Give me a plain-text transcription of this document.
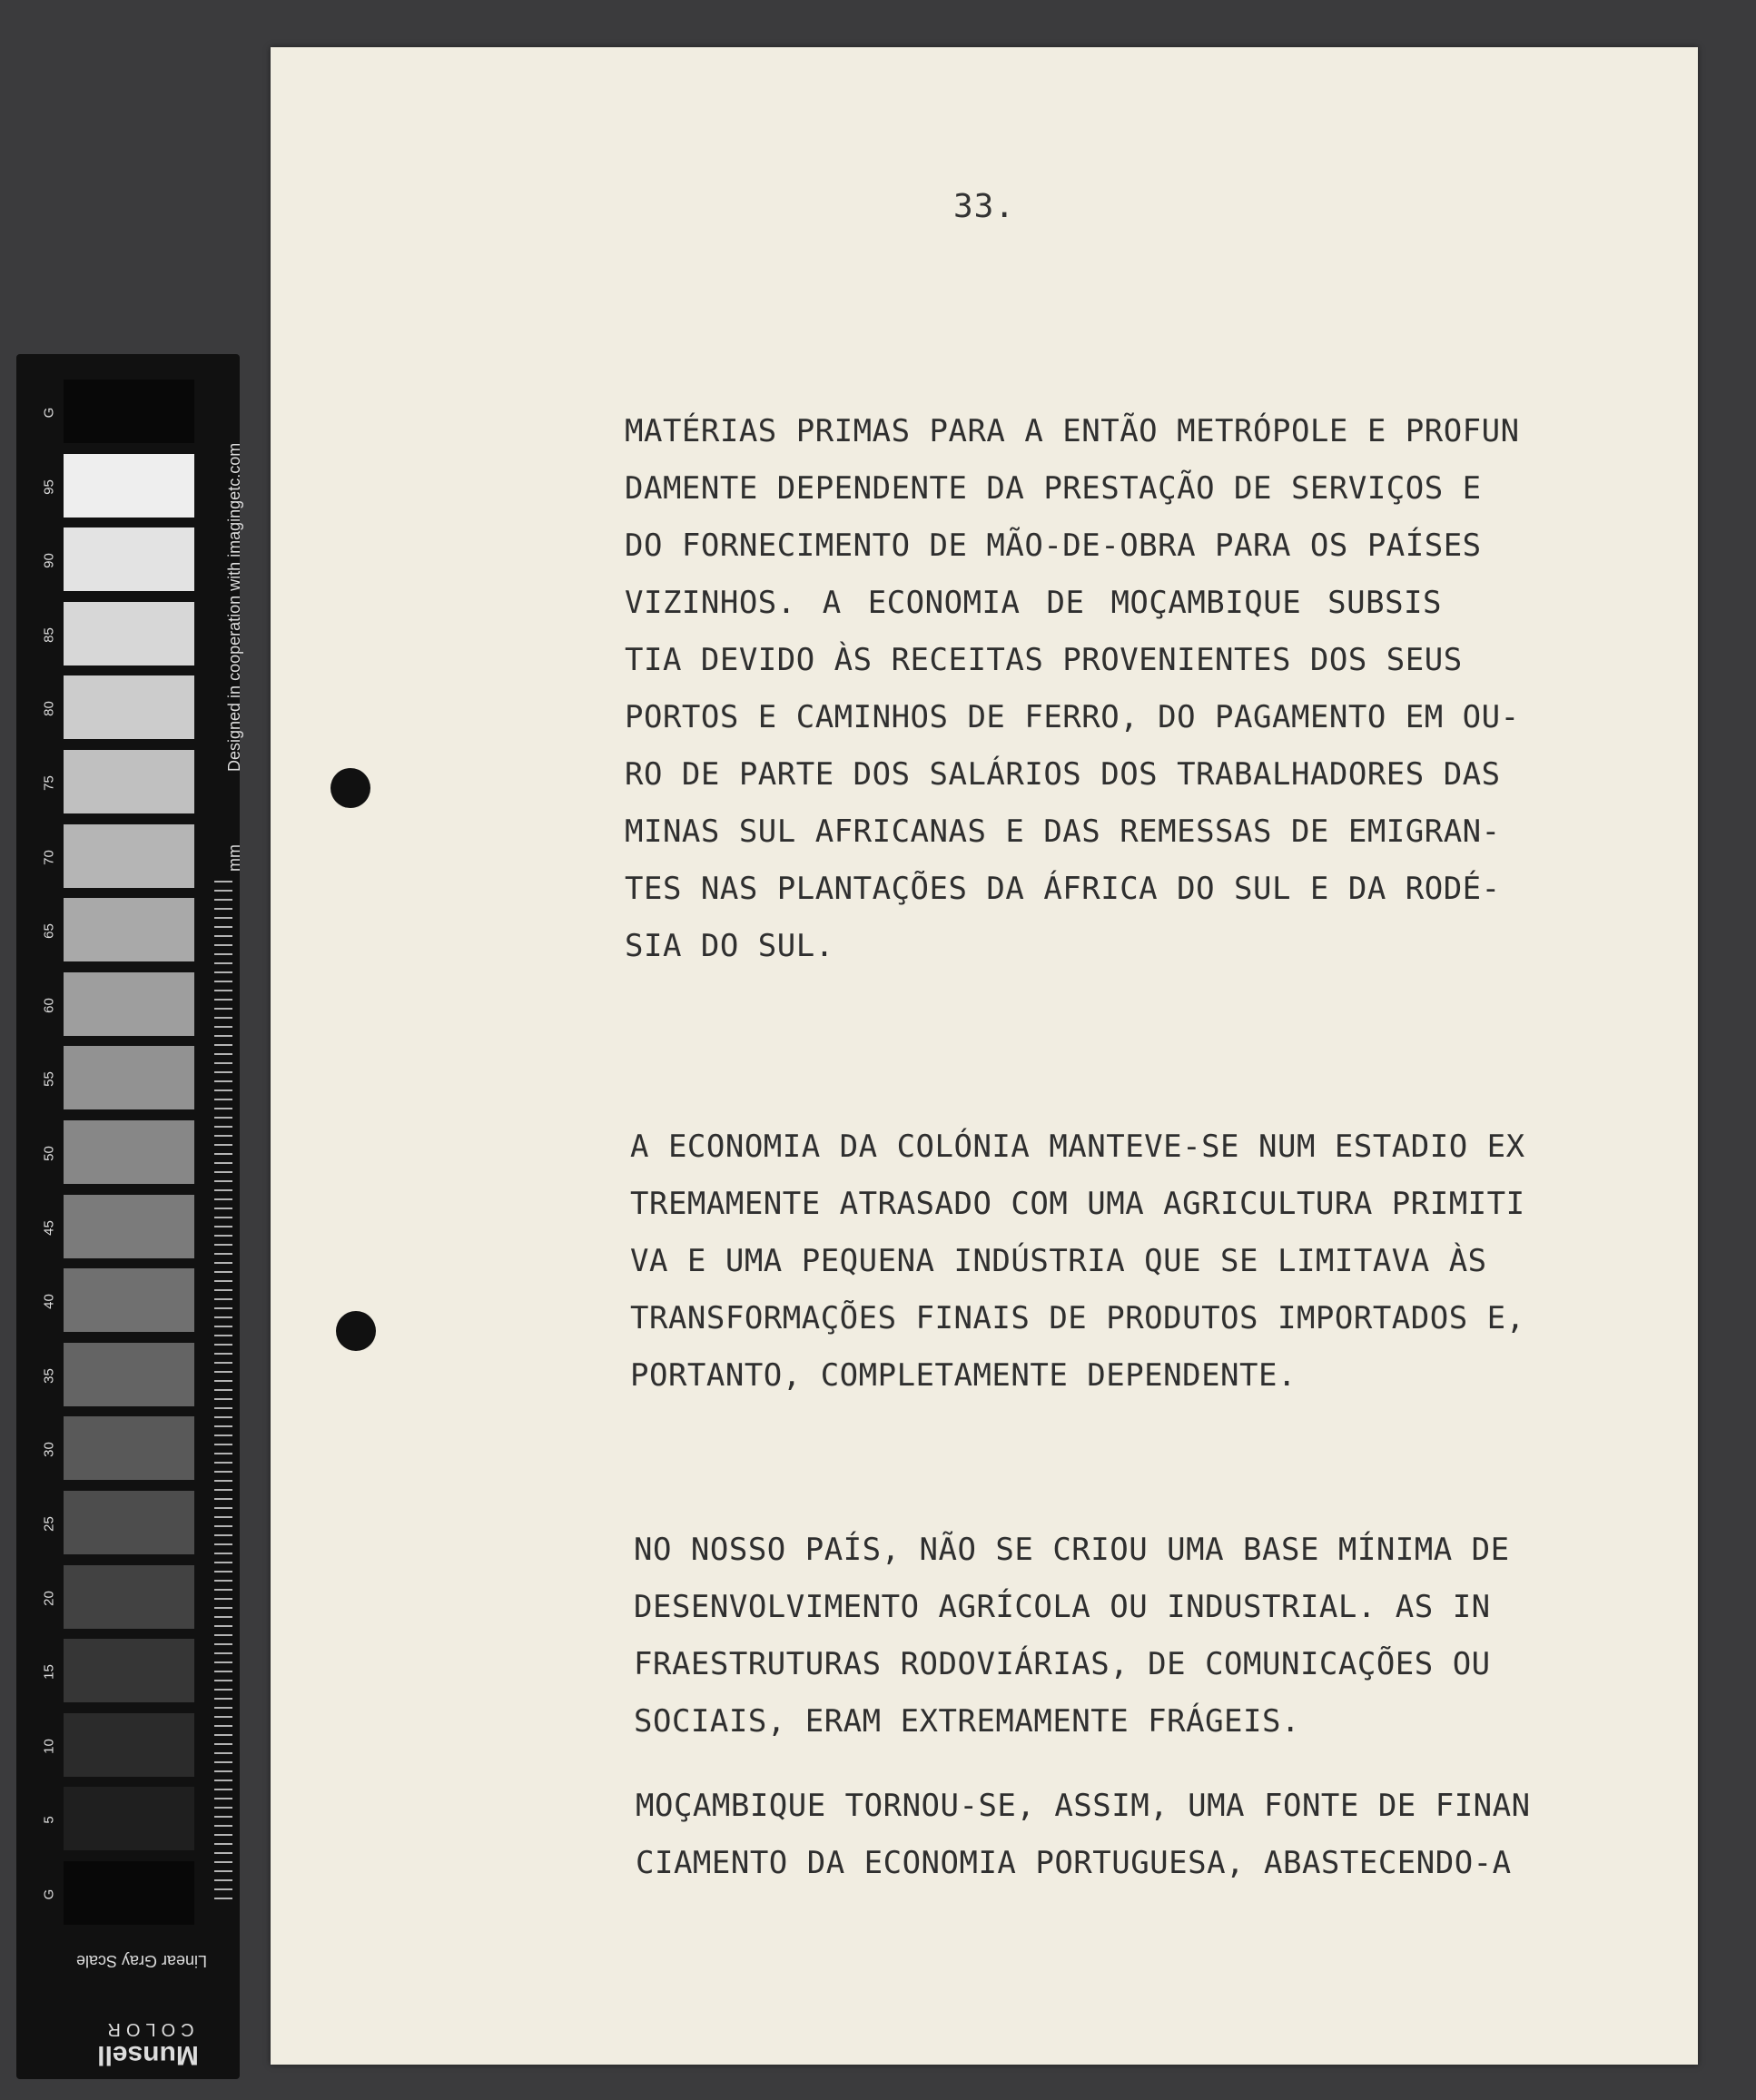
Designed in cooperation with imagingetc.com
mm
Linear Gray Scale
Munsell
COLOR
G
95
90
85
80
75
70
65
60
55
50
45
40
35
30
25
20
15
10
5
G
33.
MATÉRIAS PRIMAS PARA A ENTÃO METRÓPOLE E PROFUN
DAMENTE DEPENDENTE DA PRESTAÇÃO DE SERVIÇOS E
DO FORNECIMENTO DE MÃO-DE-OBRA PARA OS PAÍSES
VIZINHOS. A ECONOMIA DE MOÇAMBIQUE SUBSIS
TIA DEVIDO ÀS RECEITAS PROVENIENTES DOS SEUS
PORTOS E CAMINHOS DE FERRO, DO PAGAMENTO EM OU-
RO DE PARTE DOS SALÁRIOS DOS TRABALHADORES DAS
MINAS SUL AFRICANAS E DAS REMESSAS DE EMIGRAN-
TES NAS PLANTAÇÕES DA ÁFRICA DO SUL E DA RODÉ-
SIA DO SUL.
A ECONOMIA DA COLÓNIA MANTEVE-SE NUM ESTADIO EX
TREMAMENTE ATRASADO COM UMA AGRICULTURA PRIMITI
VA E UMA PEQUENA INDÚSTRIA QUE SE LIMITAVA ÀS
TRANSFORMAÇÕES FINAIS DE PRODUTOS IMPORTADOS E,
PORTANTO, COMPLETAMENTE DEPENDENTE.
NO NOSSO PAÍS, NÃO SE CRIOU UMA BASE MÍNIMA DE
DESENVOLVIMENTO AGRÍCOLA OU INDUSTRIAL. AS IN
FRAESTRUTURAS RODOVIÁRIAS, DE COMUNICAÇÕES OU
SOCIAIS, ERAM EXTREMAMENTE FRÁGEIS.
MOÇAMBIQUE TORNOU-SE, ASSIM, UMA FONTE DE FINAN
CIAMENTO DA ECONOMIA PORTUGUESA, ABASTECENDO-A
